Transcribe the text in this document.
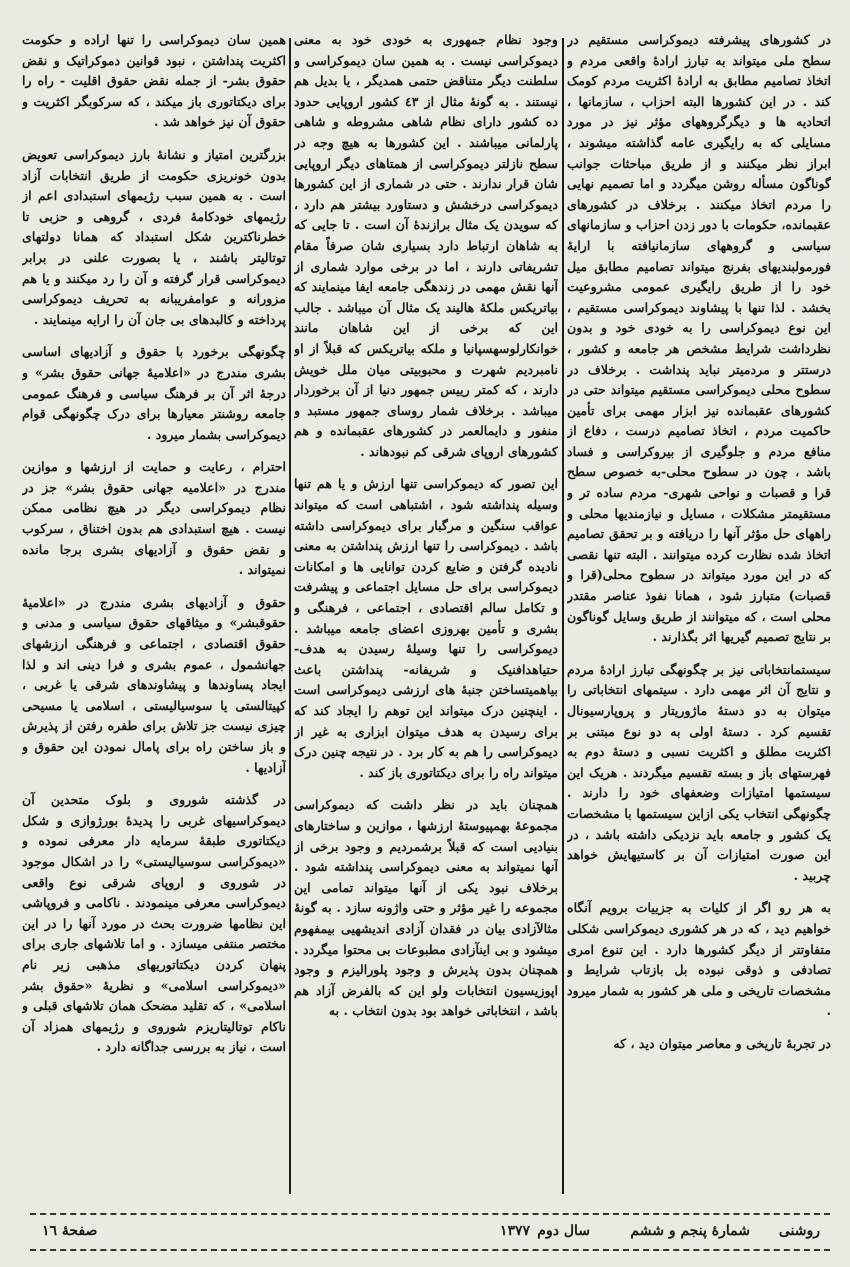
در کشورهای پیشرفته دیموکراسی مستقیم در سطح ملی میتواند به تبارز ارادهٔ واقعی مردم و اتخاذ تصامیم مطابق به ارادهٔ اکثریت مردم کومک کند . در این کشورها البته احزاب ، سازمانها ، اتحادیه ها و دیگرگروههای مؤثر نیز در مورد مسایلی که به رایگیری عامه گذاشته میشوند ، ابراز نظر میکنند و از طریق مباحثات جوانب گوناگون مسأله روشن میگردد و اما تصمیم نهایی را مردم اتخاذ میکنند . برخلاف در کشورهای عقبمانده، حکومات با دور زدن احزاب و سازمانهای سیاسی و گروههای سازمانیافته با ارایهٔ فورمولبندیهای بفرنج میتواند تصامیم مطابق میل خود را از طریق رایگیری عمومی مشروعیت بخشد . لذا تنها با پیشاوند دیموکراسی مستقیم ، این نوع دیموکراسی را به خودی خود و بدون نظرداشت شرایط مشخص هر جامعه و کشور ، درستتر و مردمیتر نباید پنداشت . برخلاف در سطوح محلی دیموکراسی مستقیم میتواند حتی در کشورهای عقبمانده نیز ابزار مهمی برای تأمین حاکمیت مردم ، اتخاذ تصامیم درست ، دفاع از منافع مردم و جلوگیری از بیروکراسی و فساد باشد ، چون در سطوح محلی-به خصوص سطح قرا و قصبات و نواحی شهری- مردم ساده تر و مستقیمتر مشکلات ، مسایل و نیازمندیها محلی و راههای حل مؤثر آنها را دریافته و بر تحقق تصامیم اتخاذ شده نظارت کرده میتوانند . البته تنها نقصی که در این مورد میتواند در سطوح محلی(قرا و قصبات) متبارز شود ، همانا نفوذ عناصر مقتدر محلی است ، که میتوانند از طریق وسایل گوناگون بر نتایج تصمیم گیریها اثر بگذارند .

سیستمانتخاباتی نیز بر چگونهگی تبارز ارادهٔ مردم و نتایج آن اثر مهمی دارد . سیتمهای انتخاباتی را میتوان به دو دستهٔ ماژوریتار و پروپارسیونال تقسیم کرد . دستهٔ اولی به دو نوع مبتنی بر اکثریت مطلق و اکثریت نسبی و دستهٔ دوم به فهرستهای باز و بسته تقسیم میگردند . هریک این سیستمها امتیازات وضعفهای خود را دارند . چگونهگی انتخاب یکی ازاین سیستمها با مشخصات یک کشور و جامعه باید نزدیکی داشته باشد ، در این صورت امتیازات آن بر کاستیهایش خواهد چربید .

به هر رو اگر از کلیات به جزییات برویم آنگاه خواهیم دید ، که در هر کشوری دیموکراسی شکلی متفاوتتر از دیگر کشورها دارد . این تنوع امری تصادفی و ذوقی نبوده بل بازتاب شرایط و مشخصات تاریخی و ملی هر کشور به شمار میرود .

در تجربهٔ تاریخی و معاصر میتوان دید ، که

وجود نظام جمهوری به خودی خود به معنی دیموکراسی نیست . به همین سان دیموکراسی و سلطنت دیگر متناقض حتمی همدیگر ، یا بدیل هم نیستند . به گونهٔ مثال از ٤٣ کشور اروپایی حدود ده کشور دارای نظام شاهی مشروطه و شاهی پارلمانی میباشند . این کشورها به هیچ وجه در سطح نازلتر دیموکراسی از همتاهای دیگر اروپایی شان قرار ندارند . حتی در شماری از این کشورها دیموکراسی درخشش و دستاورد بیشتر هم دارد ، که سویدن یک مثال برازندهٔ آن است . تا جایی که به شاهان ارتباط دارد بسیاری شان صرفاً مقام تشریفاتی دارند ، اما در برخی موارد شماری از آنها نقش مهمی در زندهگی جامعه ایفا مینمایند که بیاتریکس ملکهٔ هالیند یک مثال آن میباشد . جالب این که برخی از این شاهان مانند خوانکارلوسهسپانیا و ملکه بیاتریکس که قبلاً از او نامبردیم شهرت و محبوبیتی میان ملل خویش دارند ، که کمتر رییس جمهور دنیا از آن برخوردار میباشد . برخلاف شمار روسای جمهور مستبد و منفور و دایمالعمر در کشورهای عقبمانده و هم کشورهای اروپای شرقی کم نبودهاند .

این تصور که دیموکراسی تنها ارزش و یا هم تنها وسیله پنداشته شود ، اشتباهی است که میتواند عواقب سنگین و مرگبار برای دیموکراسی داشته باشد . دیموکراسی را تنها ارزش پنداشتن به معنی نادیده گرفتن و ضایع کردن توانایی ها و امکانات دیموکراسی برای حل مسایل اجتماعی و پیشرفت و تکامل سالم اقتصادی ، اجتماعی ، فرهنگی و بشری و تأمین بهروزی اعضای جامعه میباشد . دیموکراسی را تنها وسیلهٔ رسیدن به هدف-حتیاهدافنیک و شریفانه- پنداشتن باعث بیاهمیتساختن جنبهٔ های ارزشی دیموکراسی است . اینچنین درک میتواند این توهم را ایجاد کند که برای رسیدن به هدف میتوان ابزاری به غیر از دیموکراسی را هم به کار برد . در نتیجه چنین درک میتواند راه را برای دیکتاتوری باز کند .

همچنان باید در نظر داشت که دیموکراسی مجموعهٔ بهمپیوستهٔ ارزشها ، موازین و ساختارهای بنیادیی است که قبلاً برشمردیم و وجود برخی از آنها نمیتواند به معنی دیموکراسی پنداشته شود . برخلاف نبود یکی از آنها میتواند تمامی این مجموعه را غیر مؤثر و حتی واژونه سازد . به گونهٔ مثالآزادی بیان در فقدان آزادی اندیشهیی بیمفهوم میشود و بی اینآزادی مطبوعات بی محتوا میگردد . همچنان بدون پذیرش و وجود پلورالیزم و وجود اپوزیسیون انتخابات ولو این که بالفرض آزاد هم باشد ، انتخاباتی خواهد بود بدون انتخاب . به

همین سان دیموکراسی را تنها اراده و حکومت اکثریت پنداشتن ، نبود قوانین دموکراتیک و نقض حقوق بشر- از جمله نقض حقوق اقلیت - راه را برای دیکتاتوری باز میکند ، که سرکوبگر اکثریت و حقوق آن نیز خواهد شد .

بزرگترین امتیاز و نشانهٔ بارز دیموکراسی تعویض بدون خونریزی حکومت از طریق انتخابات آزاد است . به همین سبب رژیمهای استبدادی اعم از رژیمهای خودکامهٔ فردی ، گروهی و حزبی تا خطرناکترین شکل استبداد که همانا دولتهای توتالیتر باشند ، یا بصورت علنی در برابر دیموکراسی قرار گرفته و آن را رد میکنند و یا هم مزورانه و عوامفریبانه به تحریف دیموکراسی پرداخته و کالبدهای بی جان آن را ارایه مینمایند .

چگونهگی برخورد با حقوق و آزادیهای اساسی بشری مندرج در «اعلامیهٔ جهانی حقوق بشر» و درجهٔ اثر آن بر فرهنگ سیاسی و فرهنگ عمومی جامعه روشنتر معیارها برای درک چگونهگی قوام دیموکراسی بشمار میرود .

احترام ، رعایت و حمایت از ارزشها و موازین مندرج در «اعلامیه جهانی حقوق بشر» جز در نظام دیموکراسی دیگر در هیچ نظامی ممکن نیست . هیچ استبدادی هم بدون اختناق ، سرکوب و نقض حقوق و آزادیهای بشری برجا مانده نمیتواند .

حقوق و آزادیهای بشری مندرج در «اعلامیهٔ حقوقبشر» و میثاقهای حقوق سیاسی و مدنی و حقوق اقتصادی ، اجتماعی و فرهنگی ارزشهای جهانشمول ، عموم بشری و فرا دینی اند و لذا ایجاد پساوندها و پیشاوندهای شرقی یا غربی ، کپیتالستی یا سوسیالیستی ، اسلامی یا مسیحی چیزی نیست جز تلاش برای طفره رفتن از پذیرش و باز ساختن راه برای پامال نمودن این حقوق و آزادیها .

در گذشته شوروی و بلوک متحدین آن دیموکراسیهای غربی را پدیدهٔ بورژوازی و شکل دیکتاتوری طبقهٔ سرمایه دار معرفی نموده و «دیموکراسی سوسیالیستی» را در اشکال موجود در شوروی و اروپای شرقی نوع واقعی دیموکراسی معرفی مینمودند . ناکامی و فروپاشی این نظامها ضرورت بحث در مورد آنها را در این مختصر منتفی میسازد . و اما تلاشهای جاری برای پنهان کردن دیکتاتوریهای مذهبی زیر نام «دیموکراسی اسلامی» و نظریهٔ «حقوق بشر اسلامی» ، که تقلید مضحک همان تلاشهای قبلی و ناکام توتالیتاریزم شوروی و رژیمهای همزاد آن است ، نیاز به بررسی جداگانه دارد .

روشنی
شمارهٔ پنجم و ششم
سال دوم
۱۳۷۷
صفحهٔ ۱٦
